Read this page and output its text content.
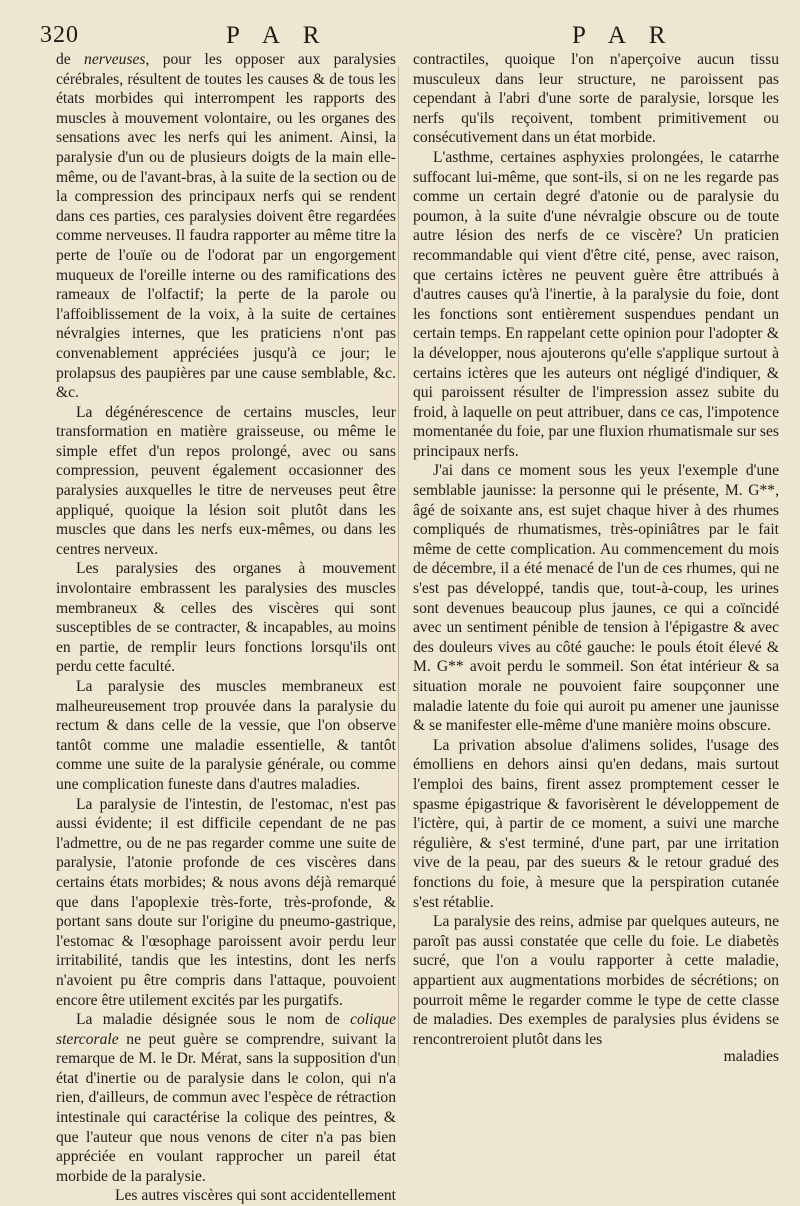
320	P A R	P A R

de nerveuses, pour les opposer aux paralysies cérébrales, résultent de toutes les causes & de tous les états morbides qui interrompent les rapports des muscles à mouvement volontaire, ou les organes des sensations avec les nerfs qui les animent. Ainsi, la paralysie d'un ou de plusieurs doigts de la main elle-même, ou de l'avant-bras, à la suite de la section ou de la compression des principaux nerfs qui se rendent dans ces parties, ces paralysies doivent être regardées comme nerveuses. Il faudra rapporter au même titre la perte de l'ouïe ou de l'odorat par un engorgement muqueux de l'oreille interne ou des ramifications des rameaux de l'olfactif; la perte de la parole ou l'affoiblissement de la voix, à la suite de certaines névralgies internes, que les praticiens n'ont pas convenablement appréciées jusqu'à ce jour; le prolapsus des paupières par une cause semblable, &c. &c.

La dégénérescence de certains muscles, leur transformation en matière graisseuse, ou même le simple effet d'un repos prolongé, avec ou sans compression, peuvent également occasionner des paralysies auxquelles le titre de nerveuses peut être appliqué, quoique la lésion soit plutôt dans les muscles que dans les nerfs eux-mêmes, ou dans les centres nerveux.

Les paralysies des organes à mouvement involontaire embrassent les paralysies des muscles membraneux & celles des viscères qui sont susceptibles de se contracter, & incapables, au moins en partie, de remplir leurs fonctions lorsqu'ils ont perdu cette faculté.

La paralysie des muscles membraneux est malheureusement trop prouvée dans la paralysie du rectum & dans celle de la vessie, que l'on observe tantôt comme une maladie essentielle, & tantôt comme une suite de la paralysie générale, ou comme une complication funeste dans d'autres maladies.

La paralysie de l'intestin, de l'estomac, n'est pas aussi évidente; il est difficile cependant de ne pas l'admettre, ou de ne pas regarder comme une suite de paralysie, l'atonie profonde de ces viscères dans certains états morbides; & nous avons déjà remarqué que dans l'apoplexie très-forte, très-profonde, & portant sans doute sur l'origine du pneumo-gastrique, l'estomac & l'œsophage paroissent avoir perdu leur irritabilité, tandis que les intestins, dont les nerfs n'avoient pu être compris dans l'attaque, pouvoient encore être utilement excités par les purgatifs.

La maladie désignée sous le nom de colique stercorale ne peut guère se comprendre, suivant la remarque de M. le Dr. Mérat, sans la supposition d'un état d'inertie ou de paralysie dans le colon, qui n'a rien, d'ailleurs, de commun avec l'espèce de rétraction intestinale qui caractérise la colique des peintres, & que l'auteur que nous venons de citer n'a pas bien appréciée en voulant rapprocher un pareil état morbide de la paralysie.

Les autres viscères qui sont accidentellement

contractiles, quoique l'on n'aperçoive aucun tissu musculeux dans leur structure, ne paroissent pas cependant à l'abri d'une sorte de paralysie, lorsque les nerfs qu'ils reçoivent, tombent primitivement ou consécutivement dans un état morbide.

L'asthme, certaines asphyxies prolongées, le catarrhe suffocant lui-même, que sont-ils, si on ne les regarde pas comme un certain degré d'atonie ou de paralysie du poumon, à la suite d'une névralgie obscure ou de toute autre lésion des nerfs de ce viscère? Un praticien recommandable qui vient d'être cité, pense, avec raison, que certains ictères ne peuvent guère être attribués à d'autres causes qu'à l'inertie, à la paralysie du foie, dont les fonctions sont entièrement suspendues pendant un certain temps. En rappelant cette opinion pour l'adopter & la développer, nous ajouterons qu'elle s'applique surtout à certains ictères que les auteurs ont négligé d'indiquer, & qui paroissent résulter de l'impression assez subite du froid, à laquelle on peut attribuer, dans ce cas, l'impotence momentanée du foie, par une fluxion rhumatismale sur ses principaux nerfs.

J'ai dans ce moment sous les yeux l'exemple d'une semblable jaunisse: la personne qui le présente, M. G**, âgé de soixante ans, est sujet chaque hiver à des rhumes compliqués de rhumatismes, très-opiniâtres par le fait même de cette complication. Au commencement du mois de décembre, il a été menacé de l'un de ces rhumes, qui ne s'est pas développé, tandis que, tout-à-coup, les urines sont devenues beaucoup plus jaunes, ce qui a coïncidé avec un sentiment pénible de tension à l'épigastre & avec des douleurs vives au côté gauche: le pouls étoit élevé & M. G** avoit perdu le sommeil. Son état intérieur & sa situation morale ne pouvoient faire soupçonner une maladie latente du foie qui auroit pu amener une jaunisse & se manifester elle-même d'une manière moins obscure.

La privation absolue d'alimens solides, l'usage des émolliens en dehors ainsi qu'en dedans, mais surtout l'emploi des bains, firent assez promptement cesser le spasme épigastrique & favorisèrent le développement de l'ictère, qui, à partir de ce moment, a suivi une marche régulière, & s'est terminé, d'une part, par une irritation vive de la peau, par des sueurs & le retour gradué des fonctions du foie, à mesure que la perspiration cutanée s'est rétablie.

La paralysie des reins, admise par quelques auteurs, ne paroît pas aussi constatée que celle du foie. Le diabetès sucré, que l'on a voulu rapporter à cette maladie, appartient aux augmentations morbides de sécrétions; on pourroit même le regarder comme le type de cette classe de maladies. Des exemples de paralysies plus évidens se rencontreroient plutôt dans les

maladies
